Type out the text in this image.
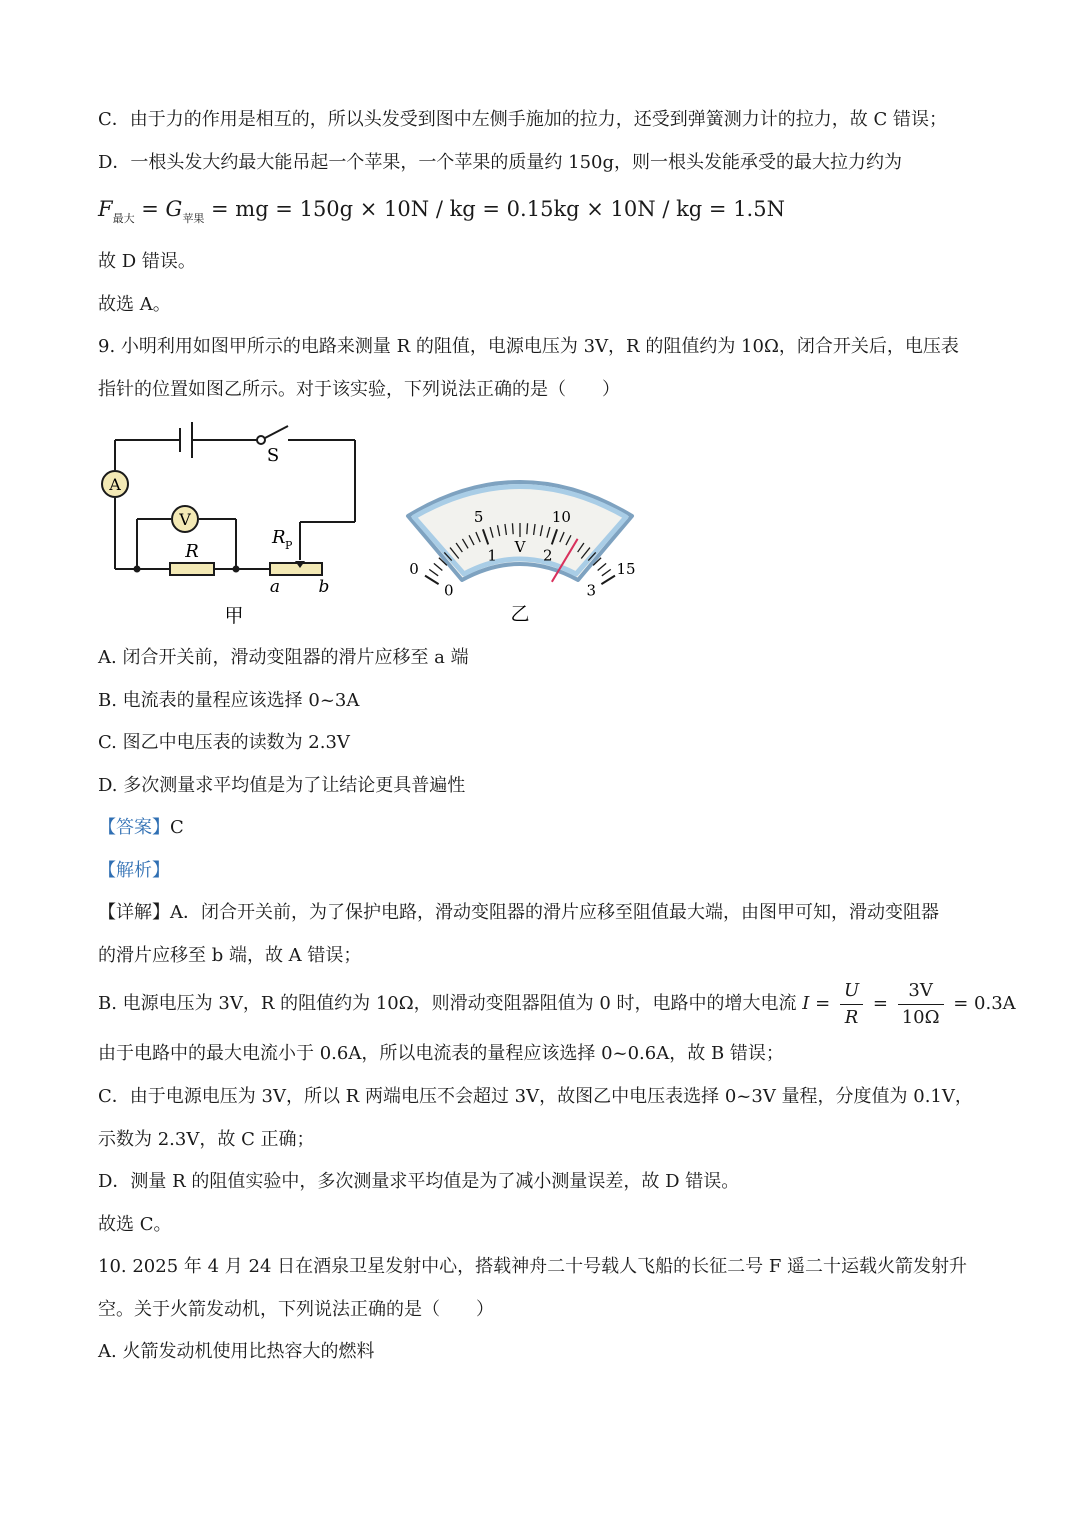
C．由于力的作用是相互的，所以头发受到图中左侧手施加的拉力，还受到弹簧测力计的拉力，故 C 错误；
D．一根头发大约最大能吊起一个苹果，一个苹果的质量约 150g，则一根头发能承受的最大拉力约为
$F_{最大} = G_{苹果}$ = mg = 150g × 10N / kg = 0.15kg × 10N / kg = 1.5N
故 D 错误。
故选 A。
9. 小明利用如图甲所示的电路来测量 R 的阻值，电源电压为 3V，R 的阻值约为 10Ω，闭合开关后，电压表
指针的位置如图乙所示。对于该实验，下列说法正确的是（　　）
A
V
R
R P
S
a b
甲
0
5	10
15
0
1	2
3
V
乙
A. 闭合开关前，滑动变阻器的滑片应移至 a 端
B. 电流表的量程应该选择 0~3A
C. 图乙中电压表的读数为 2.3V
D. 多次测量求平均值是为了让结论更具普遍性
【答案】C
【解析】
【详解】A．闭合开关前，为了保护电路，滑动变阻器的滑片应移至阻值最大端，由图甲可知，滑动变阻器
的滑片应移至 b 端，故 A 错误；
B. 电源电压为 3V，R 的阻值约为 10Ω，则滑动变阻器阻值为 0 时，电路中的增大电流 $I = \frac{U}{R} = \frac{3V}{10\Omega} = 0.3A$
由于电路中的最大电流小于 0.6A，所以电流表的量程应该选择 0~0.6A，故 B 错误；
C．由于电源电压为 3V，所以 R 两端电压不会超过 3V，故图乙中电压表选择 0~3V 量程，分度值为 0.1V，
示数为 2.3V，故 C 正确；
D．测量 R 的阻值实验中，多次测量求平均值是为了减小测量误差，故 D 错误。
故选 C。
10. 2025 年 4 月 24 日在酒泉卫星发射中心，搭载神舟二十号载人飞船的长征二号 F 遥二十运载火箭发射升
空。关于火箭发动机，下列说法正确的是（　　）
A. 火箭发动机使用比热容大的燃料
